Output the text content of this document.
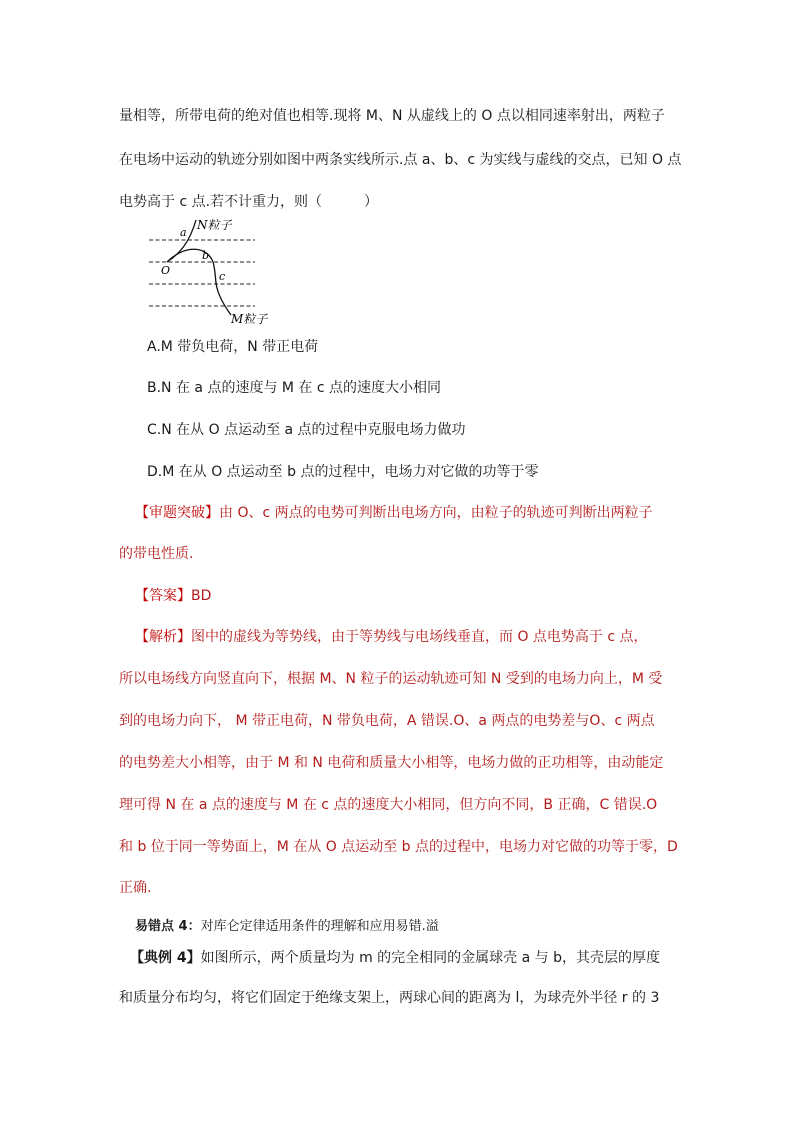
量相等，所带电荷的绝对值也相等.现将 M、N 从虚线上的 O 点以相同速率射出，两粒子
在电场中运动的轨迹分别如图中两条实线所示.点 a、b、c 为实线与虚线的交点，已知 O 点
电势高于 c 点.若不计重力，则（　　　）
a
N粒子
O
b
c
M粒子
A.M 带负电荷，N 带正电荷
B.N 在 a 点的速度与 M 在 c 点的速度大小相同
C.N 在从 O 点运动至 a 点的过程中克服电场力做功
D.M 在从 O 点运动至 b 点的过程中，电场力对它做的功等于零
【审题突破】由 O、c 两点的电势可判断出电场方向，由粒子的轨迹可判断出两粒子
的带电性质.
【答案】BD
【解析】图中的虚线为等势线，由于等势线与电场线垂直，而 O 点电势高于 c 点，
所以电场线方向竖直向下，根据 M、N 粒子的运动轨迹可知 N 受到的电场力向上，M 受
到的电场力向下， M 带正电荷，N 带负电荷，A 错误.O、a 两点的电势差与O、c 两点
的电势差大小相等，由于 M 和 N 电荷和质量大小相等，电场力做的正功相等，由动能定
理可得 N 在 a 点的速度与 M 在 c 点的速度大小相同，但方向不同，B 正确，C 错误.O
和 b 位于同一等势面上，M 在从 O 点运动至 b 点的过程中，电场力对它做的功等于零，D
正确.
易错点 4：对库仑定律适用条件的理解和应用易错.溢
【典例 4】如图所示，两个质量均为 m 的完全相同的金属球壳 a 与 b，其壳层的厚度
和质量分布均匀，将它们固定于绝缘支架上，两球心间的距离为 l，为球壳外半径 r 的 3
